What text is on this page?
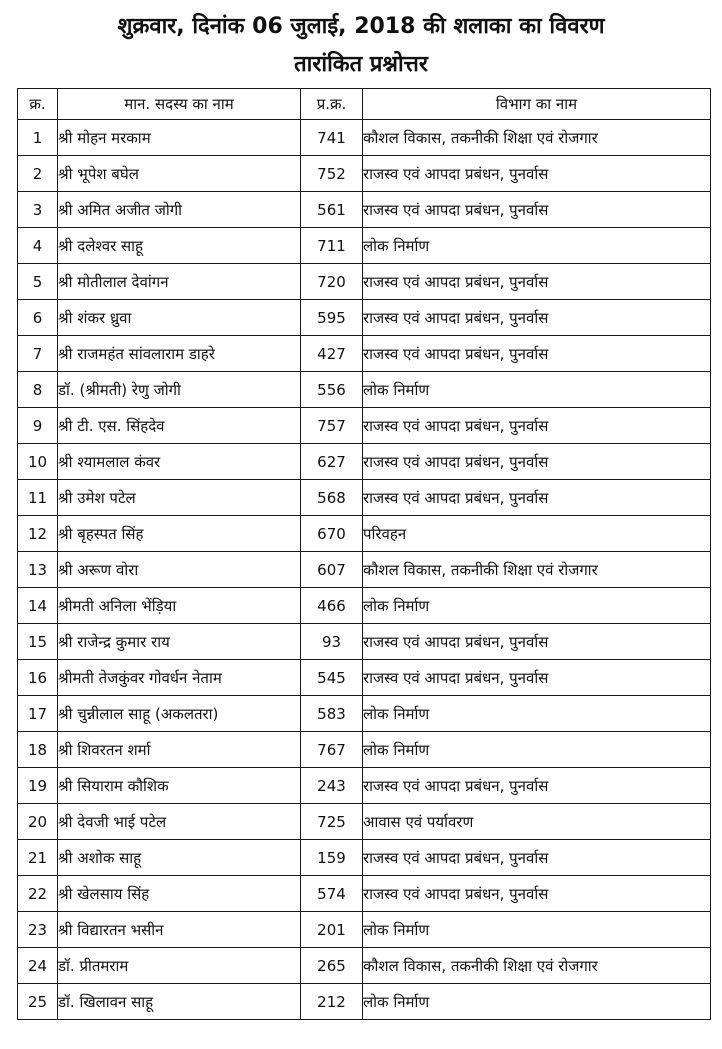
शुक्रवार, दिनांक 06 जुलाई, 2018 की शलाका का विवरण
तारांकित प्रश्नोत्तर
क्र.	मान. सदस्य का नाम	प्र.क्र.	विभाग का नाम
1	श्री मोहन मरकाम	741	कौशल विकास, तकनीकी शिक्षा एवं रोजगार
2	श्री भूपेश बघेल	752	राजस्व एवं आपदा प्रबंधन, पुनर्वास
3	श्री अमित अजीत जोगी	561	राजस्व एवं आपदा प्रबंधन, पुनर्वास
4	श्री दलेश्वर साहू	711	लोक निर्माण
5	श्री मोतीलाल देवांगन	720	राजस्व एवं आपदा प्रबंधन, पुनर्वास
6	श्री शंकर ध्रुवा	595	राजस्व एवं आपदा प्रबंधन, पुनर्वास
7	श्री राजमहंत सांवलाराम डाहरे	427	राजस्व एवं आपदा प्रबंधन, पुनर्वास
8	डॉ. (श्रीमती) रेणु जोगी	556	लोक निर्माण
9	श्री टी. एस. सिंहदेव	757	राजस्व एवं आपदा प्रबंधन, पुनर्वास
10	श्री श्यामलाल कंवर	627	राजस्व एवं आपदा प्रबंधन, पुनर्वास
11	श्री उमेश पटेल	568	राजस्व एवं आपदा प्रबंधन, पुनर्वास
12	श्री बृहस्पत सिंह	670	परिवहन
13	श्री अरूण वोरा	607	कौशल विकास, तकनीकी शिक्षा एवं रोजगार
14	श्रीमती अनिला भेंड़िया	466	लोक निर्माण
15	श्री राजेन्द्र कुमार राय	93	राजस्व एवं आपदा प्रबंधन, पुनर्वास
16	श्रीमती तेजकुंवर गोवर्धन नेताम	545	राजस्व एवं आपदा प्रबंधन, पुनर्वास
17	श्री चुन्नीलाल साहू (अकलतरा)	583	लोक निर्माण
18	श्री शिवरतन शर्मा	767	लोक निर्माण
19	श्री सियाराम कौशिक	243	राजस्व एवं आपदा प्रबंधन, पुनर्वास
20	श्री देवजी भाई पटेल	725	आवास एवं पर्यावरण
21	श्री अशोक साहू	159	राजस्व एवं आपदा प्रबंधन, पुनर्वास
22	श्री खेलसाय सिंह	574	राजस्व एवं आपदा प्रबंधन, पुनर्वास
23	श्री विद्यारतन भसीन	201	लोक निर्माण
24	डॉ. प्रीतमराम	265	कौशल विकास, तकनीकी शिक्षा एवं रोजगार
25	डॉ. खिलावन साहू	212	लोक निर्माण
